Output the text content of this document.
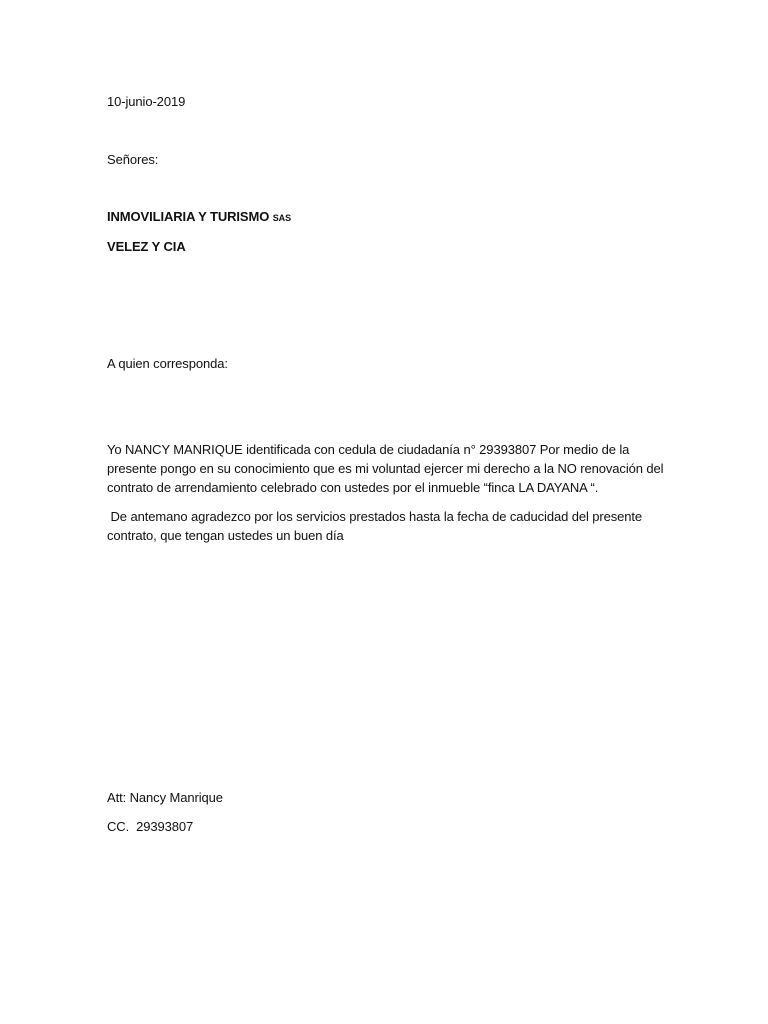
10-junio-2019
Señores:
INMOVILIARIA Y TURISMO SAS
VELEZ Y CIA
A quien corresponda:
Yo NANCY MANRIQUE identificada con cedula de ciudadanía n° 29393807 Por medio de la
presente pongo en su conocimiento que es mi voluntad ejercer mi derecho a la NO renovación del
contrato de arrendamiento celebrado con ustedes por el inmueble “finca LA DAYANA “.
De antemano agradezco por los servicios prestados hasta la fecha de caducidad del presente
contrato, que tengan ustedes un buen día
Att: Nancy Manrique
CC.  29393807
